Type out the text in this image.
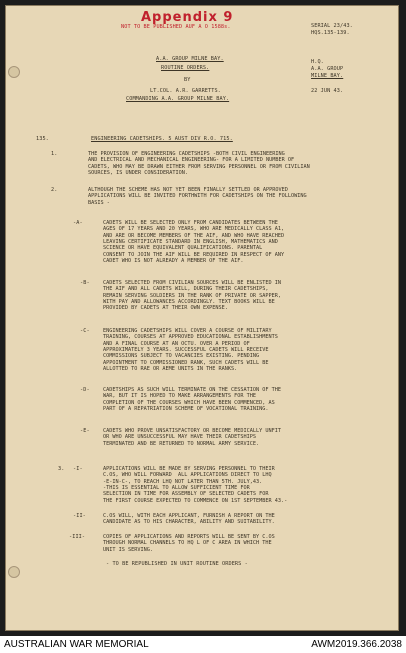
Appendix 9
NOT TO BE PUBLISHED AUF A O 1588s.	SERIAL 23/43.
HQS.135-139.
A.A. GROUP MILNE BAY.
ROUTINE ORDERS.
BY
LT.COL. A.R. GARRETTS.
COMMANDING A.A. GROUP MILNE BAY.
H.Q.
A.A. GROUP
MILNE BAY.
22 JUN 43.
135.	ENGINEERING CADETSHIPS. 5 AUST DIV R.O. 715.
1.	THE PROVISION OF ENGINEERING CADETSHIPS -BOTH CIVIL ENGINEERING
AND ELECTRICAL AND MECHANICAL ENGINEERING- FOR A LIMITED NUMBER OF
CADETS, WHO MAY BE DRAWN EITHER FROM SERVING PERSONNEL OR FROM CIVILIAN
SOURCES, IS UNDER CONSIDERATION.
2.	ALTHOUGH THE SCHEME HAS NOT YET BEEN FINALLY SETTLED OR APPROVED
APPLICATIONS WILL BE INVITED FORTHWITH FOR CADETSHIPS ON THE FOLLOWING
BASIS -
-A-	CADETS WILL BE SELECTED ONLY FROM CANDIDATES BETWEEN THE
AGES OF 17 YEARS AND 20 YEARS, WHO ARE MEDICALLY CLASS A1,
AND ARE OR BECOME MEMBERS OF THE AIF, AND WHO HAVE REACHED
LEAVING CERTIFICATE STANDARD IN ENGLISH, MATHEMATICS AND
SCIENCE OR HAVE EQUIVALENT QUALIFICATIONS. PARENTAL
CONSENT TO JOIN THE AIF WILL BE REQUIRED IN RESPECT OF ANY
CADET WHO IS NOT ALREADY A MEMBER OF THE AIF.
-B-	CADETS SELECTED FROM CIVILIAN SOURCES WILL BE ENLISTED IN
THE AIF AND ALL CADETS WILL, DURING THEIR CADETSHIPS,
REMAIN SERVING SOLDIERS IN THE RANK OF PRIVATE OR SAPPER,
WITH PAY AND ALLOWANCES ACCORDINGLY. TEXT BOOKS WILL BE
PROVIDED BY CADETS AT THEIR OWN EXPENSE.
-C-	ENGINEERING CADETSHIPS WILL COVER A COURSE OF MILITARY
TRAINING, COURSES AT APPROVED EDUCATIONAL ESTABLISHMENTS
AND A FINAL COURSE AT AN OCTU. OVER A PERIOD OF
APPROXIMATELY 3 YEARS. SUCCESSFUL CADETS WILL RECEIVE
COMMISSIONS SUBJECT TO VACANCIES EXISTING. PENDING
APPOINTMENT TO COMMISSIONED RANK, SUCH CADETS WILL BE
ALLOTTED TO RAE OR AEME UNITS IN THE RANKS.
-D-	CADETSHIPS AS SUCH WILL TERMINATE ON THE CESSATION OF THE
WAR, BUT IT IS HOPED TO MAKE ARRANGEMENTS FOR THE
COMPLETION OF THE COURSES WHICH HAVE BEEN COMMENCED, AS
PART OF A REPATRIATION SCHEME OF VOCATIONAL TRAINING.
-E-	CADETS WHO PROVE UNSATISFACTORY OR BECOME MEDICALLY UNFIT
OR WHO ARE UNSUCCESSFUL MAY HAVE THEIR CADETSHIPS
TERMINATED AND BE RETURNED TO NORMAL ARMY SERVICE.
3. -I-	APPLICATIONS WILL BE MADE BY SERVING PERSONNEL TO THEIR
C.OS, WHO WILL FORWARD  ALL APPLICATIONS DIRECT TO LHQ
-E-IN-C-, TO REACH LHQ NOT LATER THAN 5TH. JULY,43.
-THIS IS ESSENTIAL TO ALLOW SUFFICIENT TIME FOR
SELECTION IN TIME FOR ASSEMBLY OF SELECTED CADETS FOR
THE FIRST COURSE EXPECTED TO COMMENCE ON 1ST SEPTEMBER 43.-
-II-	C.OS WILL, WITH EACH APPLICANT, FURNISH A REPORT ON THE
CANDIDATE AS TO HIS CHARACTER, ABILITY AND SUITABILITY.
-III-	COPIES OF APPLICATIONS AND REPORTS WILL BE SENT BY C.OS
THROUGH NORMAL CHANNELS TO HQ L OF C AREA IN WHICH THE
UNIT IS SERVING.
- TO BE REPUBLISHED IN UNIT ROUTINE ORDERS -
AUSTRALIAN WAR MEMORIAL	AWM2019.366.2038
